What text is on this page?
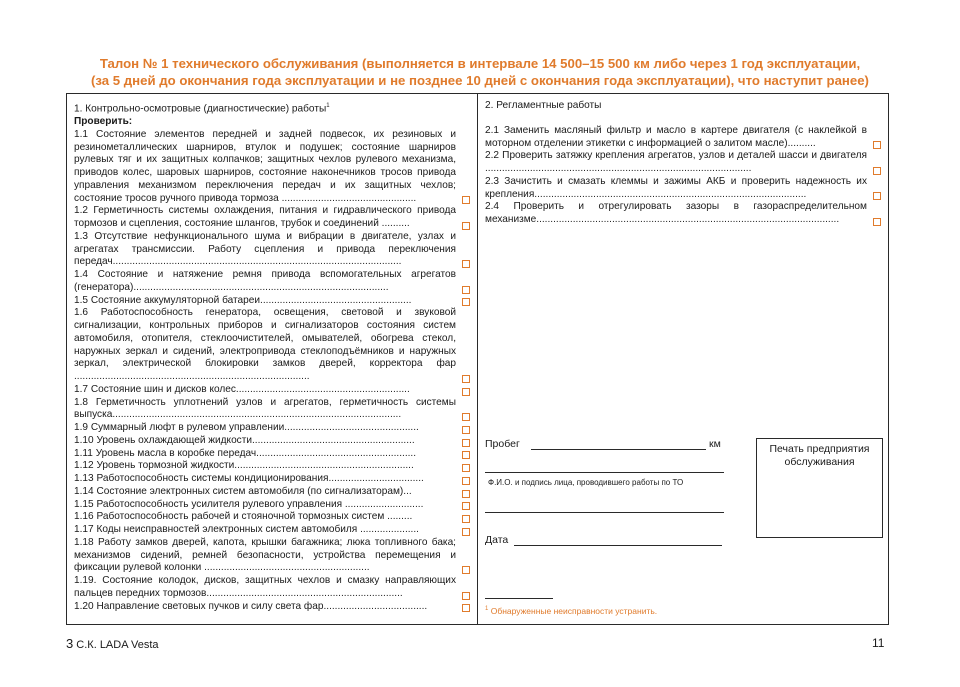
Талон № 1 технического обслуживания (выполняется в интервале 14 500–15 500 км либо через 1 год эксплуатации,
(за 5 дней до окончания года эксплуатации и не позднее 10 дней с окончания года эксплуатации), что наступит ранее)
1. Контрольно-осмотровые (диагностические) работы$^1$
Проверить:
1.1 Состояние элементов передней и задней подвесок, их резиновых и резинометаллических шарниров, втулок и подушек; состояние шарниров рулевых тяг и их защитных колпачков; защитных чехлов рулевого механизма, приводов колес, шаровых шарниров, состояние наконечников тросов привода управления механизмом переключения передач и их защитных чехлов; состояние тросов ручного привода тормоза ................................................
1.2 Герметичность системы охлаждения, питания и гидравлического привода тормозов и сцепления, состояние шлангов, трубок и соединений ..........
1.3 Отсутствие нефункционального шума и вибрации в двигателе, узлах и агрегатах трансмиссии. Работу сцепления и привода переключения передач.......................................................................................................
1.4 Состояние и натяжение ремня привода вспомогательных агрегатов (генератора)...........................................................................................
1.5 Состояние аккумуляторной батареи......................................................
1.6 Работоспособность генератора, освещения, световой и звуковой сигнализации, контрольных приборов и сигнализаторов состояния систем автомобиля, отопителя, стеклоочистителей, омывателей, обогрева стекол, наружных зеркал и сидений, электропривода стеклоподъёмников и наружных зеркал, электрической блокировки замков дверей, корректора фар ....................................................................................
1.7 Состояние шин и дисков колес..............................................................
1.8 Герметичность уплотнений узлов и агрегатов, герметичность системы выпуска.......................................................................................................
1.9 Суммарный люфт в рулевом управлении................................................
1.10 Уровень охлаждающей жидкости..........................................................
1.11 Уровень масла в коробке передач.........................................................
1.12 Уровень тормозной жидкости................................................................
1.13 Работоспособность системы кондиционирования..................................
1.14 Состояние электронных систем автомобиля (по сигнализаторам)...
1.15 Работоспособность усилителя рулевого управления ............................
1.16 Работоспособность рабочей и стояночной тормозных систем .........
1.17 Коды неисправностей электронных систем автомобиля .....................
1.18 Работу замков дверей, капота, крышки багажника; люка топливного бака; механизмов сидений, ремней безопасности, устройства перемещения и фиксации рулевой колонки ...........................................................
1.19. Состояние колодок, дисков, защитных чехлов и смазку направляющих пальцев передних тормозов......................................................................
1.20 Направление световых пучков и силу света фар.....................................
2. Регламентные работы
2.1 Заменить масляный фильтр и масло в картере двигателя (с наклейкой в моторном отделении этикетки с информацией о залитом масле)..........
2.2 Проверить затяжку крепления агрегатов, узлов и деталей шасси и двигателя ...............................................................................................
2.3 Зачистить и смазать клеммы и зажимы АКБ и проверить надежность их крепления.................................................................................................
2.4 Проверить и отрегулировать зазоры в газораспределительном механизме............................................................................................................
Пробег	км
Ф.И.О. и подпись лица, проводившего работы по ТО
Дата
Печать предприятия обслуживания
$^1$ Обнаруженные неисправности устранить.
3 С.К. LADA Vesta	11
